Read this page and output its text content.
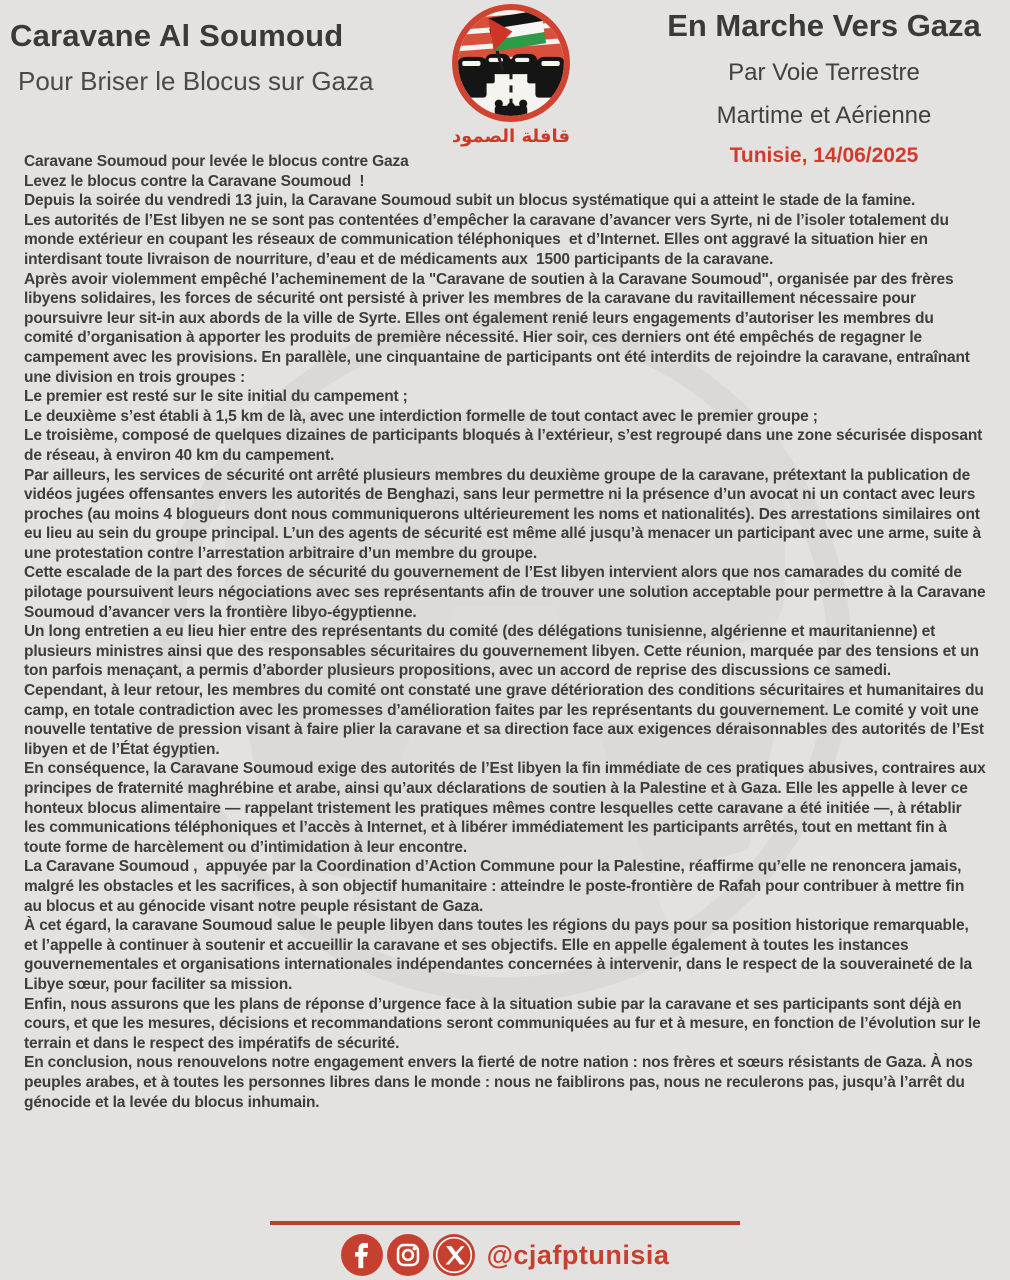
Caravane Al Soumoud
Pour Briser le Blocus sur Gaza
قافلة الصمود
En Marche Vers Gaza
Par Voie Terrestre
Martime et Aérienne
Tunisie, 14/06/2025

Caravane Soumoud pour levée le blocus contre Gaza

Levez le blocus contre la Caravane Soumoud  !

Depuis la soirée du vendredi 13 juin, la Caravane Soumoud subit un blocus systématique qui a atteint le stade de la famine.

Les autorités de l’Est libyen ne se sont pas contentées d’empêcher la caravane d’avancer vers Syrte, ni de l’isoler totalement du monde extérieur en coupant les réseaux de communication téléphoniques  et d’Internet. Elles ont aggravé la situation hier en interdisant toute livraison de nourriture, d’eau et de médicaments aux  1500 participants de la caravane.

Après avoir violemment empêché l’acheminement de la "Caravane de soutien à la Caravane Soumoud", organisée par des frères libyens solidaires, les forces de sécurité ont persisté à priver les membres de la caravane du ravitaillement nécessaire pour poursuivre leur sit-in aux abords de la ville de Syrte. Elles ont également renié leurs engagements d’autoriser les membres du comité d’organisation à apporter les produits de première nécessité. Hier soir, ces derniers ont été empêchés de regagner le campement avec les provisions. En parallèle, une cinquantaine de participants ont été interdits de rejoindre la caravane, entraînant une division en trois groupes :

Le premier est resté sur le site initial du campement ;

Le deuxième s’est établi à 1,5 km de là, avec une interdiction formelle de tout contact avec le premier groupe ;

Le troisième, composé de quelques dizaines de participants bloqués à l’extérieur, s’est regroupé dans une zone sécurisée disposant de réseau, à environ 40 km du campement.

Par ailleurs, les services de sécurité ont arrêté plusieurs membres du deuxième groupe de la caravane, prétextant la publication de vidéos jugées offensantes envers les autorités de Benghazi, sans leur permettre ni la présence d’un avocat ni un contact avec leurs proches (au moins 4 blogueurs dont nous communiquerons ultérieurement les noms et nationalités). Des arrestations similaires ont eu lieu au sein du groupe principal. L’un des agents de sécurité est même allé jusqu’à menacer un participant avec une arme, suite à une protestation contre l’arrestation arbitraire d’un membre du groupe.

Cette escalade de la part des forces de sécurité du gouvernement de l’Est libyen intervient alors que nos camarades du comité de pilotage poursuivent leurs négociations avec ses représentants afin de trouver une solution acceptable pour permettre à la Caravane Soumoud d’avancer vers la frontière libyo-égyptienne.

Un long entretien a eu lieu hier entre des représentants du comité (des délégations tunisienne, algérienne et mauritanienne) et plusieurs ministres ainsi que des responsables sécuritaires du gouvernement libyen. Cette réunion, marquée par des tensions et un ton parfois menaçant, a permis d’aborder plusieurs propositions, avec un accord de reprise des discussions ce samedi.

Cependant, à leur retour, les membres du comité ont constaté une grave détérioration des conditions sécuritaires et humanitaires du camp, en totale contradiction avec les promesses d’amélioration faites par les représentants du gouvernement. Le comité y voit une nouvelle tentative de pression visant à faire plier la caravane et sa direction face aux exigences déraisonnables des autorités de l’Est libyen et de l’État égyptien.

En conséquence, la Caravane Soumoud exige des autorités de l’Est libyen la fin immédiate de ces pratiques abusives, contraires aux principes de fraternité maghrébine et arabe, ainsi qu’aux déclarations de soutien à la Palestine et à Gaza. Elle les appelle à lever ce honteux blocus alimentaire — rappelant tristement les pratiques mêmes contre lesquelles cette caravane a été initiée —, à rétablir les communications téléphoniques et l’accès à Internet, et à libérer immédiatement les participants arrêtés, tout en mettant fin à toute forme de harcèlement ou d’intimidation à leur encontre.

La Caravane Soumoud ,  appuyée par la Coordination d’Action Commune pour la Palestine, réaffirme qu’elle ne renoncera jamais, malgré les obstacles et les sacrifices, à son objectif humanitaire : atteindre le poste-frontière de Rafah pour contribuer à mettre fin au blocus et au génocide visant notre peuple résistant de Gaza.

À cet égard, la caravane Soumoud salue le peuple libyen dans toutes les régions du pays pour sa position historique remarquable, et l’appelle à continuer à soutenir et accueillir la caravane et ses objectifs. Elle en appelle également à toutes les instances gouvernementales et organisations internationales indépendantes concernées à intervenir, dans le respect de la souveraineté de la Libye sœur, pour faciliter sa mission.

Enfin, nous assurons que les plans de réponse d’urgence face à la situation subie par la caravane et ses participants sont déjà en cours, et que les mesures, décisions et recommandations seront communiquées au fur et à mesure, en fonction de l’évolution sur le terrain et dans le respect des impératifs de sécurité.

En conclusion, nous renouvelons notre engagement envers la fierté de notre nation : nos frères et sœurs résistants de Gaza. À nos peuples arabes, et à toutes les personnes libres dans le monde : nous ne faiblirons pas, nous ne reculerons pas, jusqu’à l’arrêt du génocide et la levée du blocus inhumain.

@cjafptunisia
